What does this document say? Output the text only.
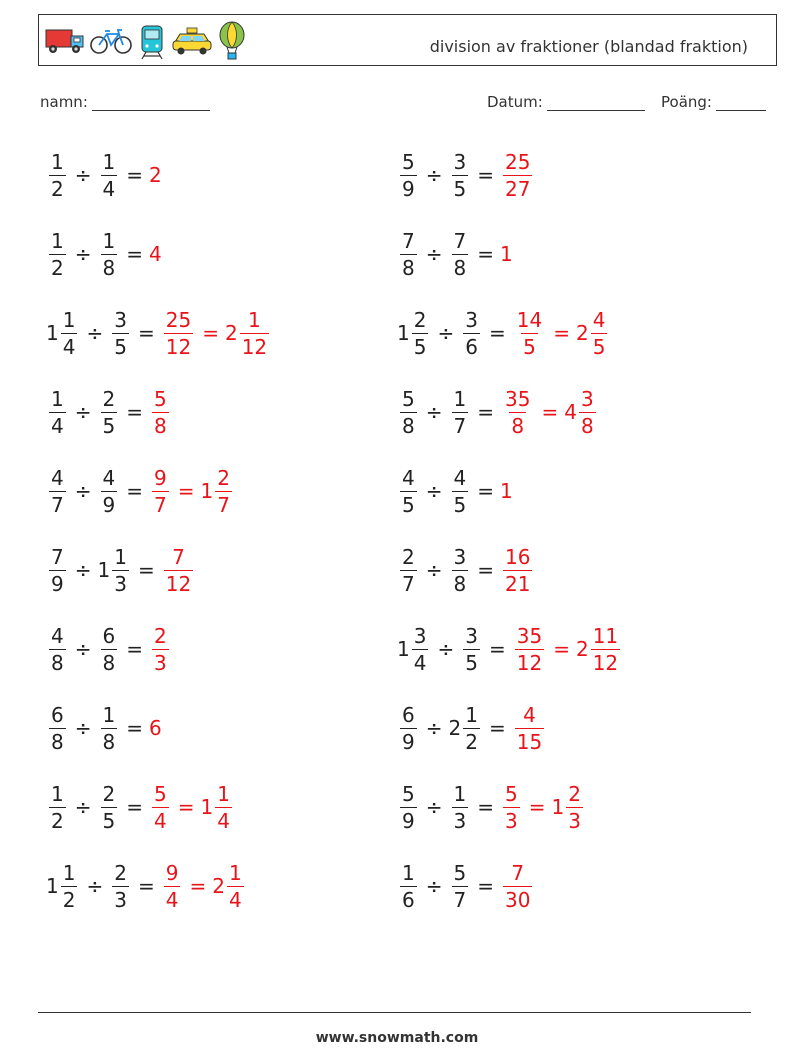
division av fraktioner (blandad fraktion)
namn:	Datum:	Poäng:
$\frac{1}{2} \div \frac{1}{4} = 2$	$\frac{5}{9} \div \frac{3}{5} = \frac{25}{27}$
$\frac{1}{2} \div \frac{1}{8} = 4$	$\frac{7}{8} \div \frac{7}{8} = 1$
$1 \frac{1}{4} \div \frac{3}{5} = \frac{25}{12} = 2 \frac{1}{12}$	$1 \frac{2}{5} \div \frac{3}{6} = \frac{14}{5} = 2 \frac{4}{5}$
$\frac{1}{4} \div \frac{2}{5} = \frac{5}{8}$	$\frac{5}{8} \div \frac{1}{7} = \frac{35}{8} = 4 \frac{3}{8}$
$\frac{4}{7} \div \frac{4}{9} = \frac{9}{7} = 1 \frac{2}{7}$	$\frac{4}{5} \div \frac{4}{5} = 1$
$\frac{7}{9} \div 1 \frac{1}{3} = \frac{7}{12}$	$\frac{2}{7} \div \frac{3}{8} = \frac{16}{21}$
$\frac{4}{8} \div \frac{6}{8} = \frac{2}{3}$	$1 \frac{3}{4} \div \frac{3}{5} = \frac{35}{12} = 2 \frac{11}{12}$
$\frac{6}{8} \div \frac{1}{8} = 6$	$\frac{6}{9} \div 2 \frac{1}{2} = \frac{4}{15}$
$\frac{1}{2} \div \frac{2}{5} = \frac{5}{4} = 1 \frac{1}{4}$	$\frac{5}{9} \div \frac{1}{3} = \frac{5}{3} = 1 \frac{2}{3}$
$1 \frac{1}{2} \div \frac{2}{3} = \frac{9}{4} = 2 \frac{1}{4}$	$\frac{1}{6} \div \frac{5}{7} = \frac{7}{30}$
www.snowmath.com
